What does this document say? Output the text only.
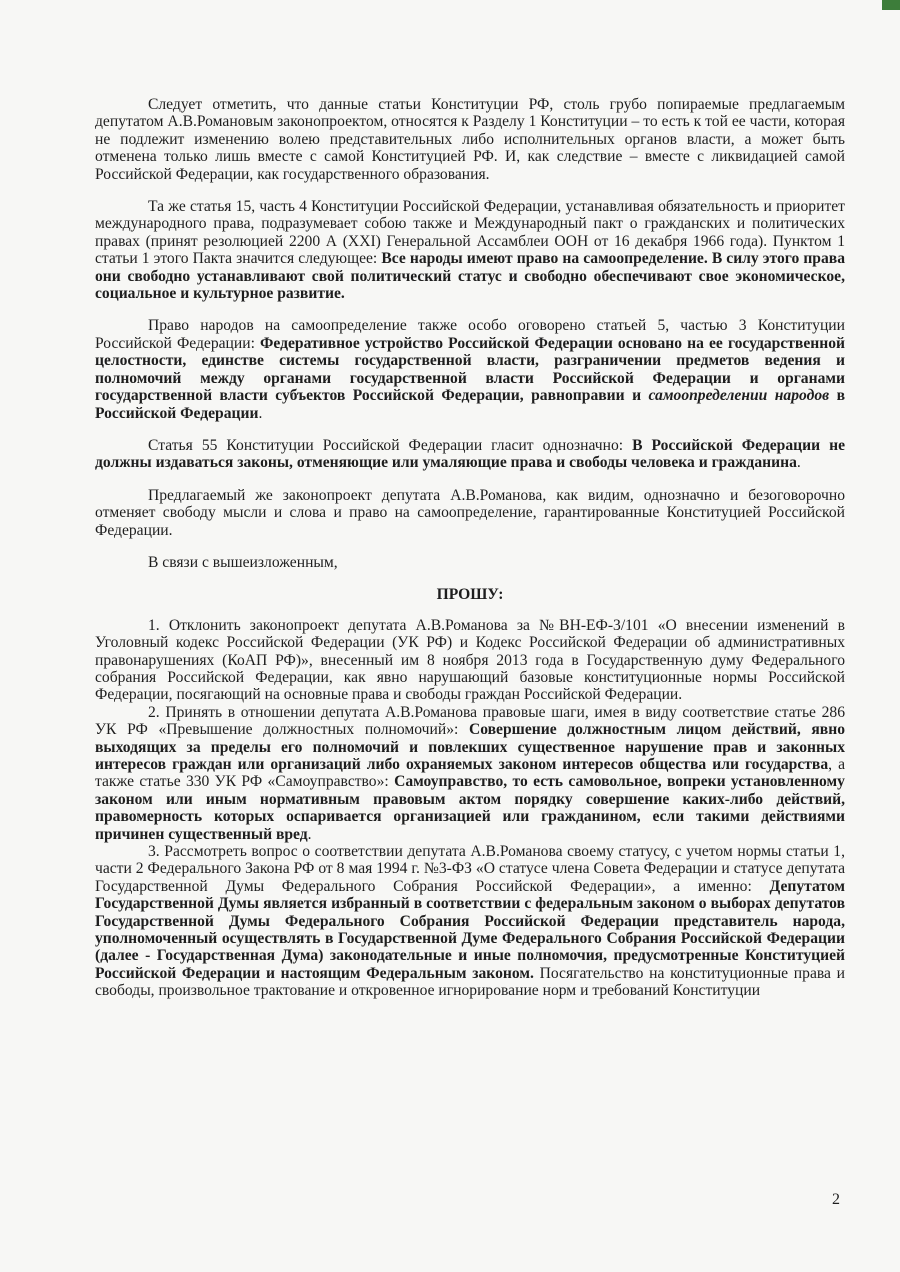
Следует отметить, что данные статьи Конституции РФ, столь грубо попираемые предлагаемым депутатом А.В.Романовым законопроектом, относятся к Разделу 1 Конституции – то есть к той ее части, которая не подлежит изменению волею представительных либо исполнительных органов власти, а может быть отменена только лишь вместе с самой Конституцией РФ. И, как следствие – вместе с ликвидацией самой Российской Федерации, как государственного образования.

Та же статья 15, часть 4 Конституции Российской Федерации, устанавливая обязательность и приоритет международного права, подразумевает собою также и Международный пакт о гражданских и политических правах (принят резолюцией 2200 А (XXI) Генеральной Ассамблеи ООН от 16 декабря 1966 года). Пунктом 1 статьи 1 этого Пакта значится следующее: Все народы имеют право на самоопределение. В силу этого права они свободно устанавливают свой политический статус и свободно обеспечивают свое экономическое, социальное и культурное развитие.

Право народов на самоопределение также особо оговорено статьей 5, частью 3 Конституции Российской Федерации: Федеративное устройство Российской Федерации основано на ее государственной целостности, единстве системы государственной власти, разграничении предметов ведения и полномочий между органами государственной власти Российской Федерации и органами государственной власти субъектов Российской Федерации, равноправии и самоопределении народов в Российской Федерации.

Статья 55 Конституции Российской Федерации гласит однозначно: В Российской Федерации не должны издаваться законы, отменяющие или умаляющие права и свободы человека и гражданина.

Предлагаемый же законопроект депутата А.В.Романова, как видим, однозначно и безоговорочно отменяет свободу мысли и слова и право на самоопределение, гарантированные Конституцией Российской Федерации.

В связи с вышеизложенным,

ПРОШУ:

1. Отклонить законопроект депутата А.В.Романова за №ВН-ЕФ-3/101 «О внесении изменений в Уголовный кодекс Российской Федерации (УК РФ) и Кодекс Российской Федерации об административных правонарушениях (КоАП РФ)», внесенный им 8 ноября 2013 года в Государственную думу Федерального собрания Российской Федерации, как явно нарушающий базовые конституционные нормы Российской Федерации, посягающий на основные права и свободы граждан Российской Федерации.

2. Принять в отношении депутата А.В.Романова правовые шаги, имея в виду соответствие статье 286 УК РФ «Превышение должностных полномочий»: Совершение должностным лицом действий, явно выходящих за пределы его полномочий и повлекших существенное нарушение прав и законных интересов граждан или организаций либо охраняемых законом интересов общества или государства, а также статье 330 УК РФ «Самоуправство»: Самоуправство, то есть самовольное, вопреки установленному законом или иным нормативным правовым актом порядку совершение каких-либо действий, правомерность которых оспаривается организацией или гражданином, если такими действиями причинен существенный вред.

3. Рассмотреть вопрос о соответствии депутата А.В.Романова своему статусу, с учетом нормы статьи 1, части 2 Федерального Закона РФ от 8 мая 1994 г. №3-ФЗ «О статусе члена Совета Федерации и статусе депутата Государственной Думы Федерального Собрания Российской Федерации», а именно: Депутатом Государственной Думы является избранный в соответствии с федеральным законом о выборах депутатов Государственной Думы Федерального Собрания Российской Федерации представитель народа, уполномоченный осуществлять в Государственной Думе Федерального Собрания Российской Федерации (далее - Государственная Дума) законодательные и иные полномочия, предусмотренные Конституцией Российской Федерации и настоящим Федеральным законом. Посягательство на конституционные права и свободы, произвольное трактование и откровенное игнорирование норм и требований Конституции

2
